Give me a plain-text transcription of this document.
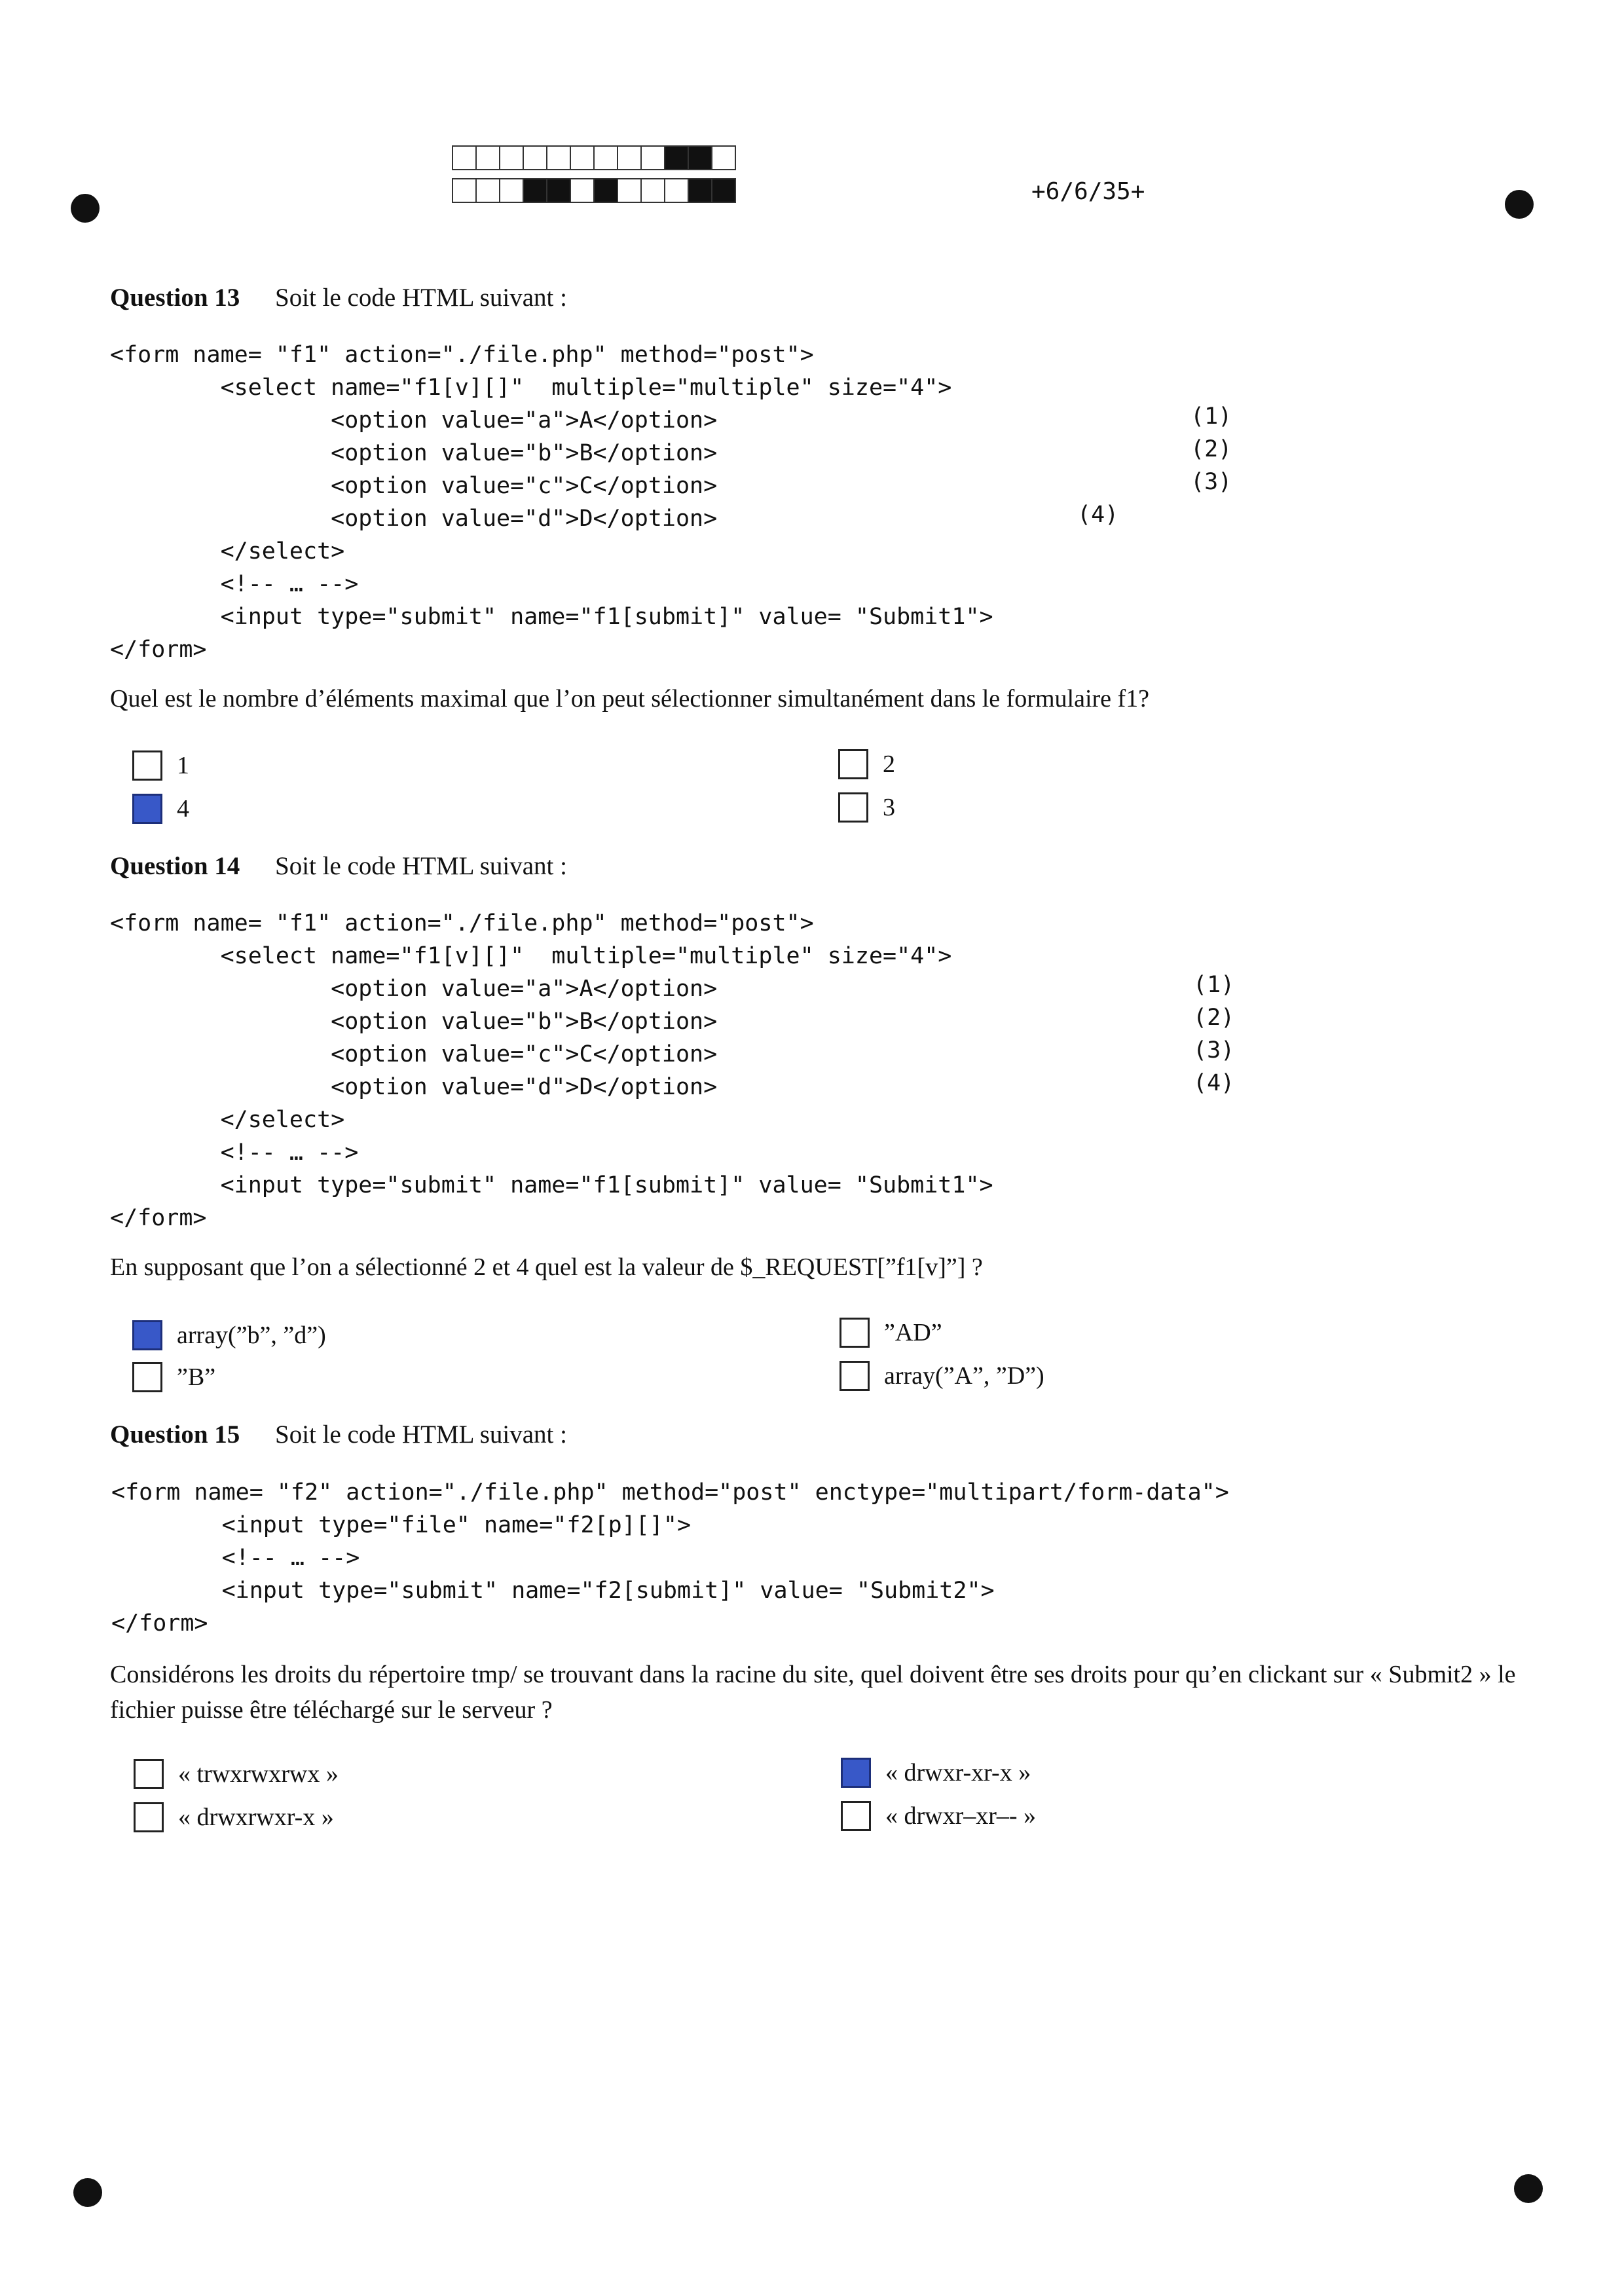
+6/6/35+
Question 13 Soit le code HTML suivant :
<form name= "f1" action="./file.php" method="post">
<select name="f1[v][]"  multiple="multiple" size="4">
<option value="a">A</option>
<option value="b">B</option>
<option value="c">C</option>
<option value="d">D</option>
</select>
<!-- … -->
<input type="submit" name="f1[submit]" value= "Submit1">
</form>
(1)
(2)
(3)
(4)
Quel est le nombre d’éléments maximal que l’on peut sélectionner simultanément dans le formulaire f1?
1
4
2
3
Question 14 Soit le code HTML suivant :
<form name= "f1" action="./file.php" method="post">
<select name="f1[v][]"  multiple="multiple" size="4">
<option value="a">A</option>
<option value="b">B</option>
<option value="c">C</option>
<option value="d">D</option>
</select>
<!-- … -->
<input type="submit" name="f1[submit]" value= "Submit1">
</form>
(1)
(2)
(3)
(4)
En supposant que l’on a sélectionné 2 et 4 quel est la valeur de $_REQUEST[”f1[v]”] ?
array(”b”, ”d”)
”B”
”AD”
array(”A”, ”D”)
Question 15 Soit le code HTML suivant :
<form name= "f2" action="./file.php" method="post" enctype="multipart/form-data">
<input type="file" name="f2[p][]">
<!-- … -->
<input type="submit" name="f2[submit]" value= "Submit2">
</form>
Considérons les droits du répertoire tmp/ se trouvant dans la racine du site, quel doivent être ses droits pour qu’en clickant sur « Submit2 » le fichier puisse être téléchargé sur le serveur ?
« trwxrwxrwx »
« drwxrwxr-x »
« drwxr-xr-x »
« drwxr–xr–- »
